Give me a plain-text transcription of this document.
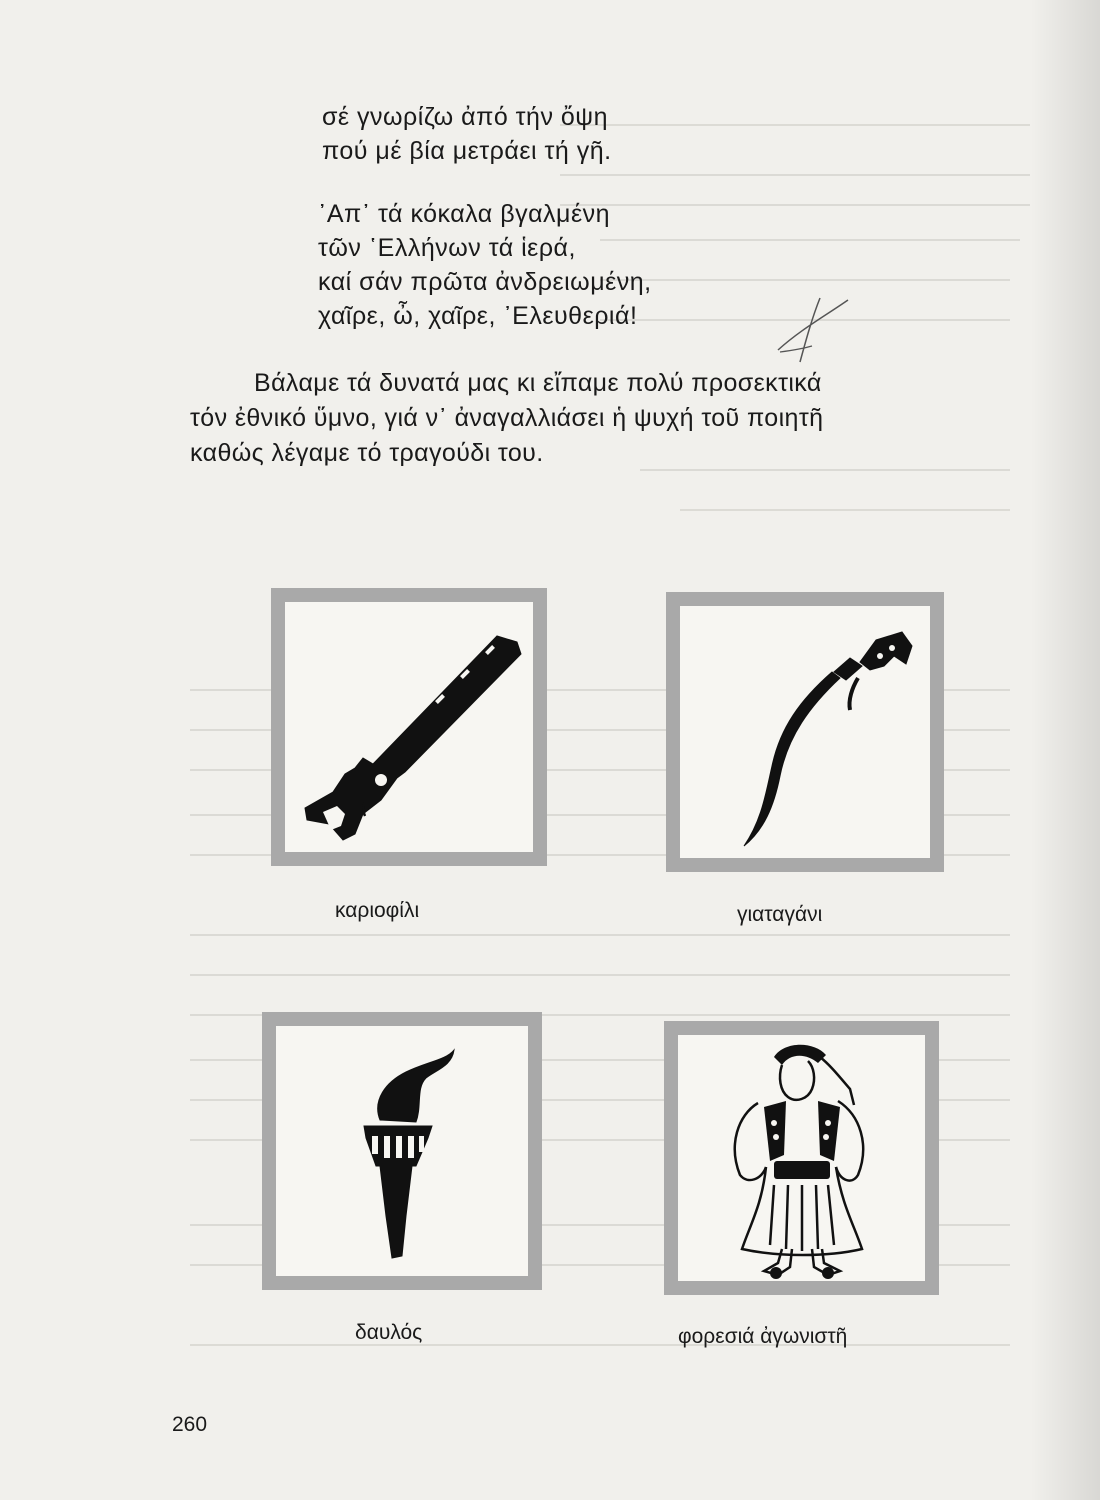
σέ γνωρίζω ἀπό τήν ὄψη
πού μέ βία μετράει τή γῆ.
᾿Απ᾿ τά κόκαλα βγαλμένη
τῶν ῾Ελλήνων τά ἱερά,
καί σάν πρῶτα ἀνδρειωμένη,
χαῖρε, ὦ, χαῖρε, ᾿Ελευθεριά!
Βάλαμε τά δυνατά μας κι εἴπαμε πολύ προσεκτικά
τόν ἐθνικό ὕμνο, γιά ν᾿ ἀναγαλλιάσει ἡ ψυχή τοῦ ποιητῆ
καθώς λέγαμε τό τραγούδι του.
καριοφίλι	γιαταγάνι
δαυλός	φορεσιά ἀγωνιστῆ
260
